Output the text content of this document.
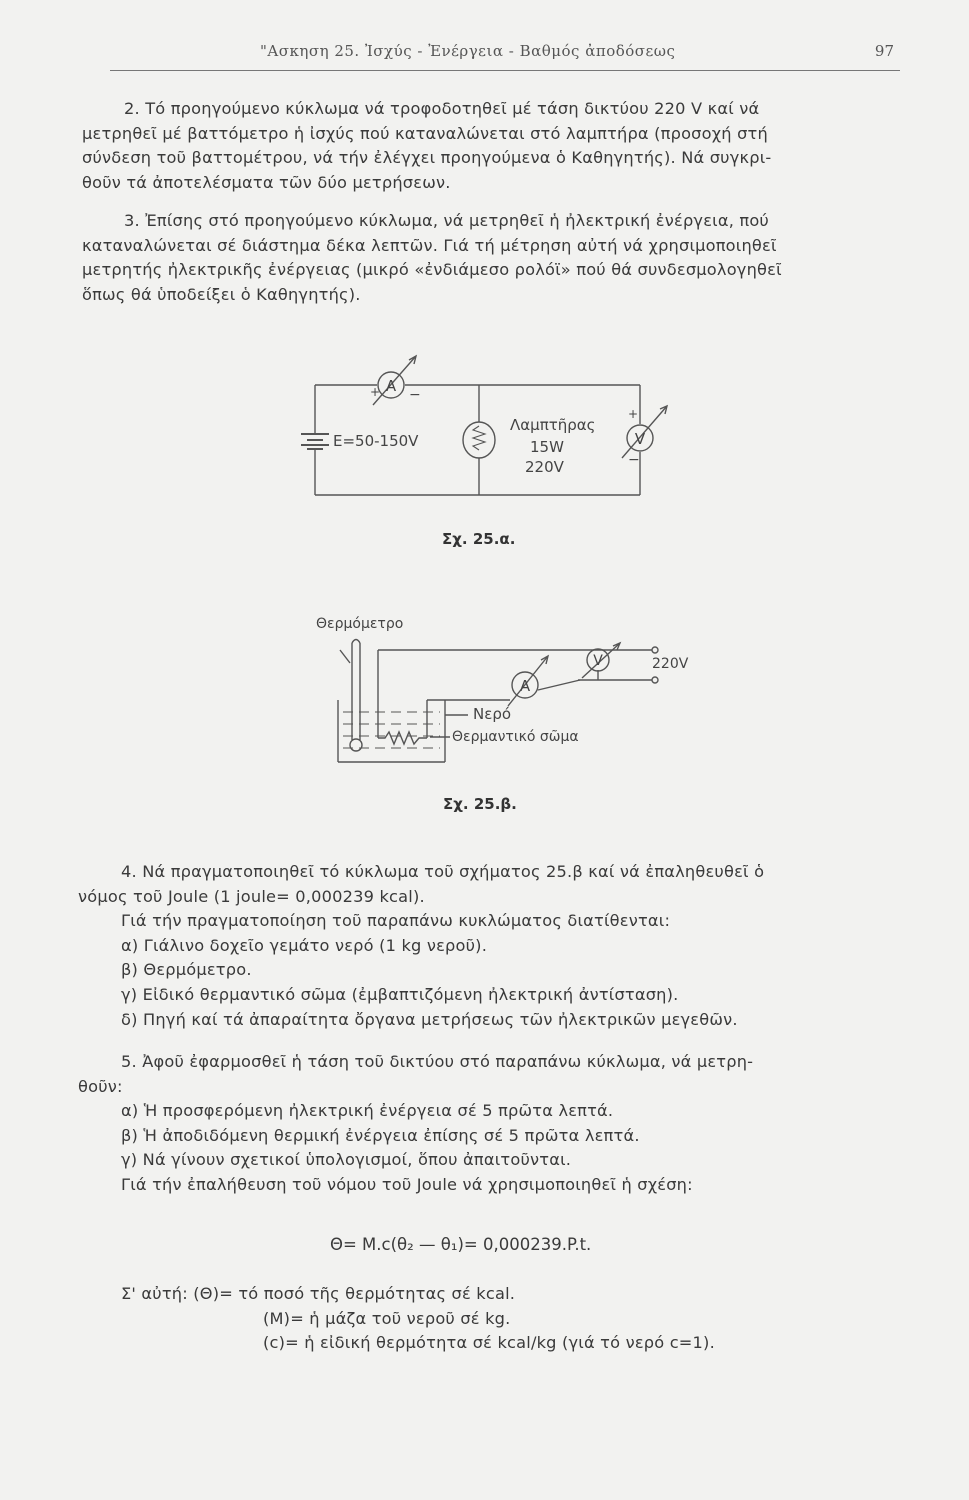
"Ασκηση 25. Ἰσχύς - Ἐνέργεια - Βαθμός ἀποδόσεως	97
2. Τό προηγούμενο κύκλωμα νά τροφοδοτηθεῖ μέ τάση δικτύου 220 V καί νά
μετρηθεῖ μέ βαττόμετρο ἡ ἰσχύς πού καταναλώνεται στό λαμπτήρα (προσοχή στή
σύνδεση τοῦ βαττομέτρου, νά τήν ἐλέγχει προηγούμενα ὁ Καθηγητής). Νά συγκρι-
θοῦν τά ἀποτελέσματα τῶν δύο μετρήσεων.
3. Ἐπίσης στό προηγούμενο κύκλωμα, νά μετρηθεῖ ἡ ἠλεκτρική ἐνέργεια, πού
καταναλώνεται σέ διάστημα δέκα λεπτῶν. Γιά τή μέτρηση αὐτή νά χρησιμοποιηθεῖ
μετρητής ἠλεκτρικῆς ἐνέργειας (μικρό «ἐνδιάμεσο ρολόϊ» πού θά συνδεσμολογηθεῖ
ὅπως θά ὑποδείξει ὁ Καθηγητής).
A
+ −
V
+
−
E=50-150V
Λαμπτῆρας
15W
220V
Σχ. 25.α.
A
V
Θερμόμετρο
220V
Νερό
Θερμαντικό σῶμα
Σχ. 25.β.
4. Νά πραγματοποιηθεῖ τό κύκλωμα τοῦ σχήματος 25.β καί νά ἐπαληθευθεῖ ὁ
νόμος τοῦ Joule (1 joule= 0,000239 kcal).
Γιά τήν πραγματοποίηση τοῦ παραπάνω κυκλώματος διατίθενται:
α) Γιάλινο δοχεῖο γεμάτο νερό (1 kg νεροῦ).
β) Θερμόμετρο.
γ) Εἰδικό θερμαντικό σῶμα (ἐμβαπτιζόμενη ἠλεκτρική ἀντίσταση).
δ) Πηγή καί τά ἀπαραίτητα ὄργανα μετρήσεως τῶν ἠλεκτρικῶν μεγεθῶν.
5. Ἀφοῦ ἐφαρμοσθεῖ ἡ τάση τοῦ δικτύου στό παραπάνω κύκλωμα, νά μετρη-
θοῦν:
α) Ἡ προσφερόμενη ἠλεκτρική ἐνέργεια σέ 5 πρῶτα λεπτά.
β) Ἡ ἀποδιδόμενη θερμική ἐνέργεια ἐπίσης σέ 5 πρῶτα λεπτά.
γ) Νά γίνουν σχετικοί ὑπολογισμοί, ὅπου ἀπαιτοῦνται.
Γιά τήν ἐπαλήθευση τοῦ νόμου τοῦ Joule νά χρησιμοποιηθεῖ ἡ σχέση:
Θ= M.c(θ₂ — θ₁)= 0,000239.P.t.
Σ' αὐτή: (Θ)= τό ποσό τῆς θερμότητας σέ kcal.
(M)= ἡ μάζα τοῦ νεροῦ σέ kg.
(c)= ἡ εἰδική θερμότητα σέ kcal/kg (γιά τό νερό c=1).
